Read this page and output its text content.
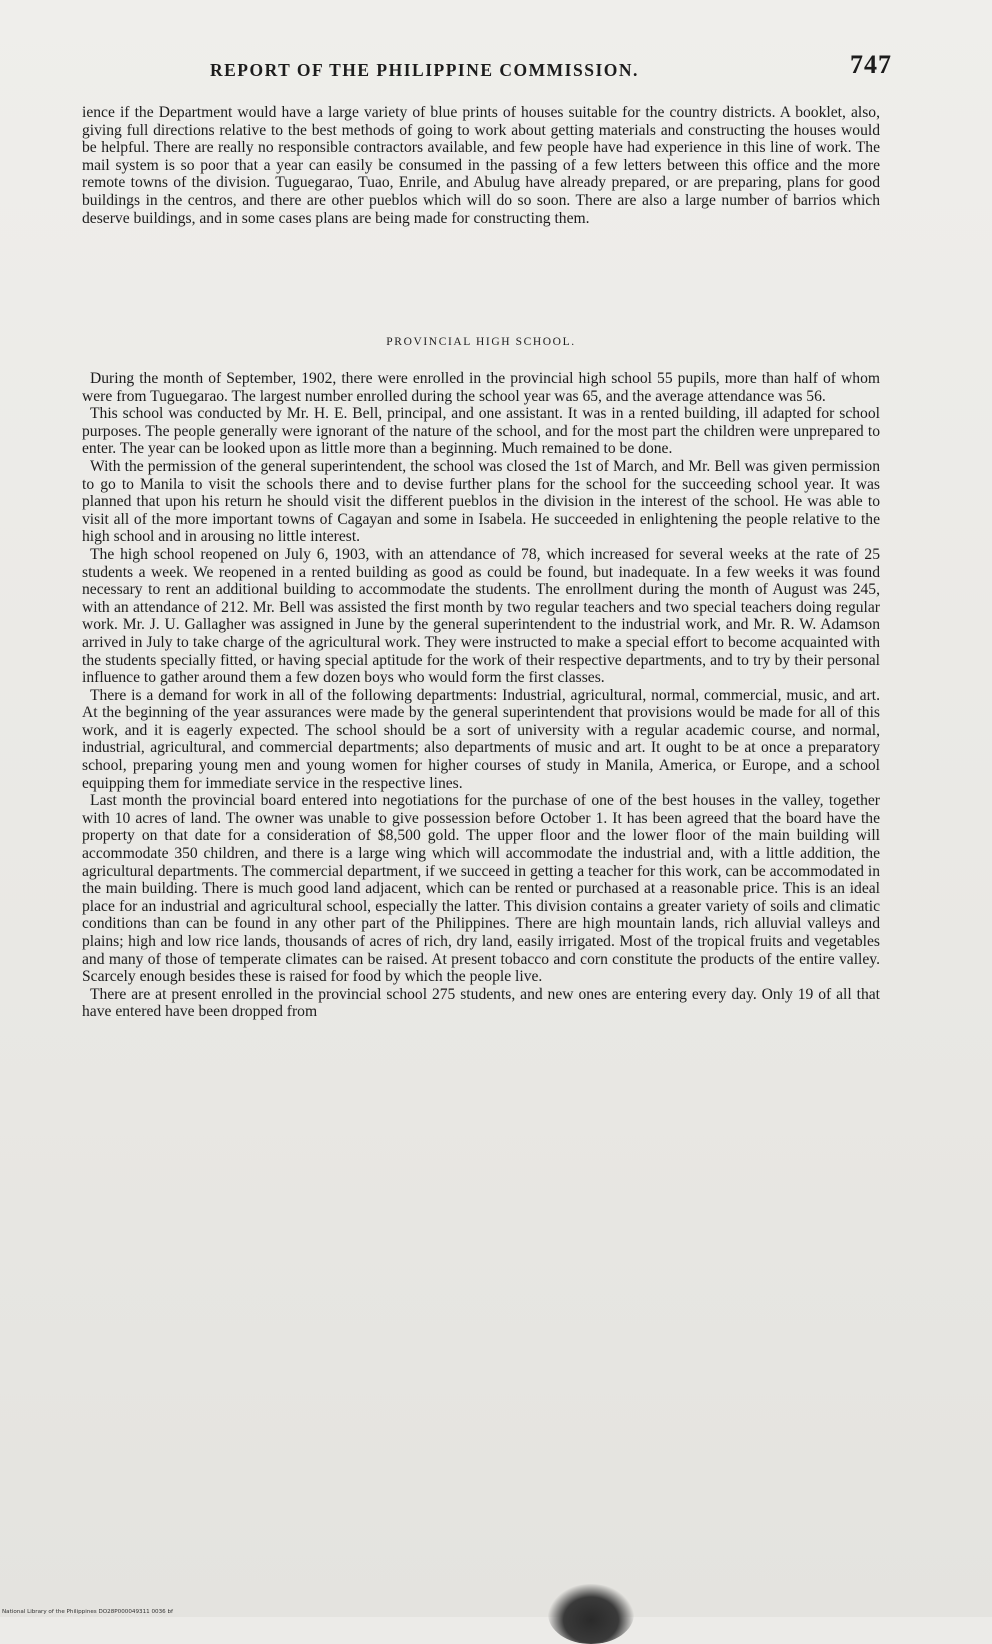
REPORT OF THE PHILIPPINE COMMISSION.	747

ience if the Department would have a large variety of blue prints of houses suitable for the country districts. A booklet, also, giving full directions relative to the best methods of going to work about getting materials and constructing the houses would be helpful. There are really no responsible contractors available, and few people have had experience in this line of work. The mail system is so poor that a year can easily be consumed in the passing of a few letters between this office and the more remote towns of the division. Tuguegarao, Tuao, Enrile, and Abulug have already prepared, or are preparing, plans for good buildings in the centros, and there are other pueblos which will do so soon. There are also a large number of barrios which deserve buildings, and in some cases plans are being made for constructing them.

PROVINCIAL HIGH SCHOOL.

During the month of September, 1902, there were enrolled in the provincial high school 55 pupils, more than half of whom were from Tuguegarao. The largest number enrolled during the school year was 65, and the average attendance was 56.

This school was conducted by Mr. H. E. Bell, principal, and one assistant. It was in a rented building, ill adapted for school purposes. The people generally were ignorant of the nature of the school, and for the most part the children were unprepared to enter. The year can be looked upon as little more than a beginning. Much remained to be done.

With the permission of the general superintendent, the school was closed the 1st of March, and Mr. Bell was given permission to go to Manila to visit the schools there and to devise further plans for the school for the succeeding school year. It was planned that upon his return he should visit the different pueblos in the division in the interest of the school. He was able to visit all of the more important towns of Cagayan and some in Isabela. He succeeded in enlightening the people relative to the high school and in arousing no little interest.

The high school reopened on July 6, 1903, with an attendance of 78, which increased for several weeks at the rate of 25 students a week. We reopened in a rented building as good as could be found, but inadequate. In a few weeks it was found necessary to rent an additional building to accommodate the students. The enrollment during the month of August was 245, with an attendance of 212. Mr. Bell was assisted the first month by two regular teachers and two special teachers doing regular work. Mr. J. U. Gallagher was assigned in June by the general superintendent to the industrial work, and Mr. R. W. Adamson arrived in July to take charge of the agricultural work. They were instructed to make a special effort to become acquainted with the students specially fitted, or having special aptitude for the work of their respective departments, and to try by their personal influence to gather around them a few dozen boys who would form the first classes.

There is a demand for work in all of the following departments: Industrial, agricultural, normal, commercial, music, and art. At the beginning of the year assurances were made by the general superintendent that provisions would be made for all of this work, and it is eagerly expected. The school should be a sort of university with a regular academic course, and normal, industrial, agricultural, and commercial departments; also departments of music and art. It ought to be at once a preparatory school, preparing young men and young women for higher courses of study in Manila, America, or Europe, and a school equipping them for immediate service in the respective lines.

Last month the provincial board entered into negotiations for the purchase of one of the best houses in the valley, together with 10 acres of land. The owner was unable to give possession before October 1. It has been agreed that the board have the property on that date for a consideration of $8,500 gold. The upper floor and the lower floor of the main building will accommodate 350 children, and there is a large wing which will accommodate the industrial and, with a little addition, the agricultural departments. The commercial department, if we succeed in getting a teacher for this work, can be accommodated in the main building. There is much good land adjacent, which can be rented or purchased at a reasonable price. This is an ideal place for an industrial and agricultural school, especially the latter. This division contains a greater variety of soils and climatic conditions than can be found in any other part of the Philippines. There are high mountain lands, rich alluvial valleys and plains; high and low rice lands, thousands of acres of rich, dry land, easily irrigated. Most of the tropical fruits and vegetables and many of those of temperate climates can be raised. At present tobacco and corn constitute the products of the entire valley. Scarcely enough besides these is raised for food by which the people live.

There are at present enrolled in the provincial school 275 students, and new ones are entering every day. Only 19 of all that have entered have been dropped from

National Library of the Philippines DO28P000049311 0036 bf
